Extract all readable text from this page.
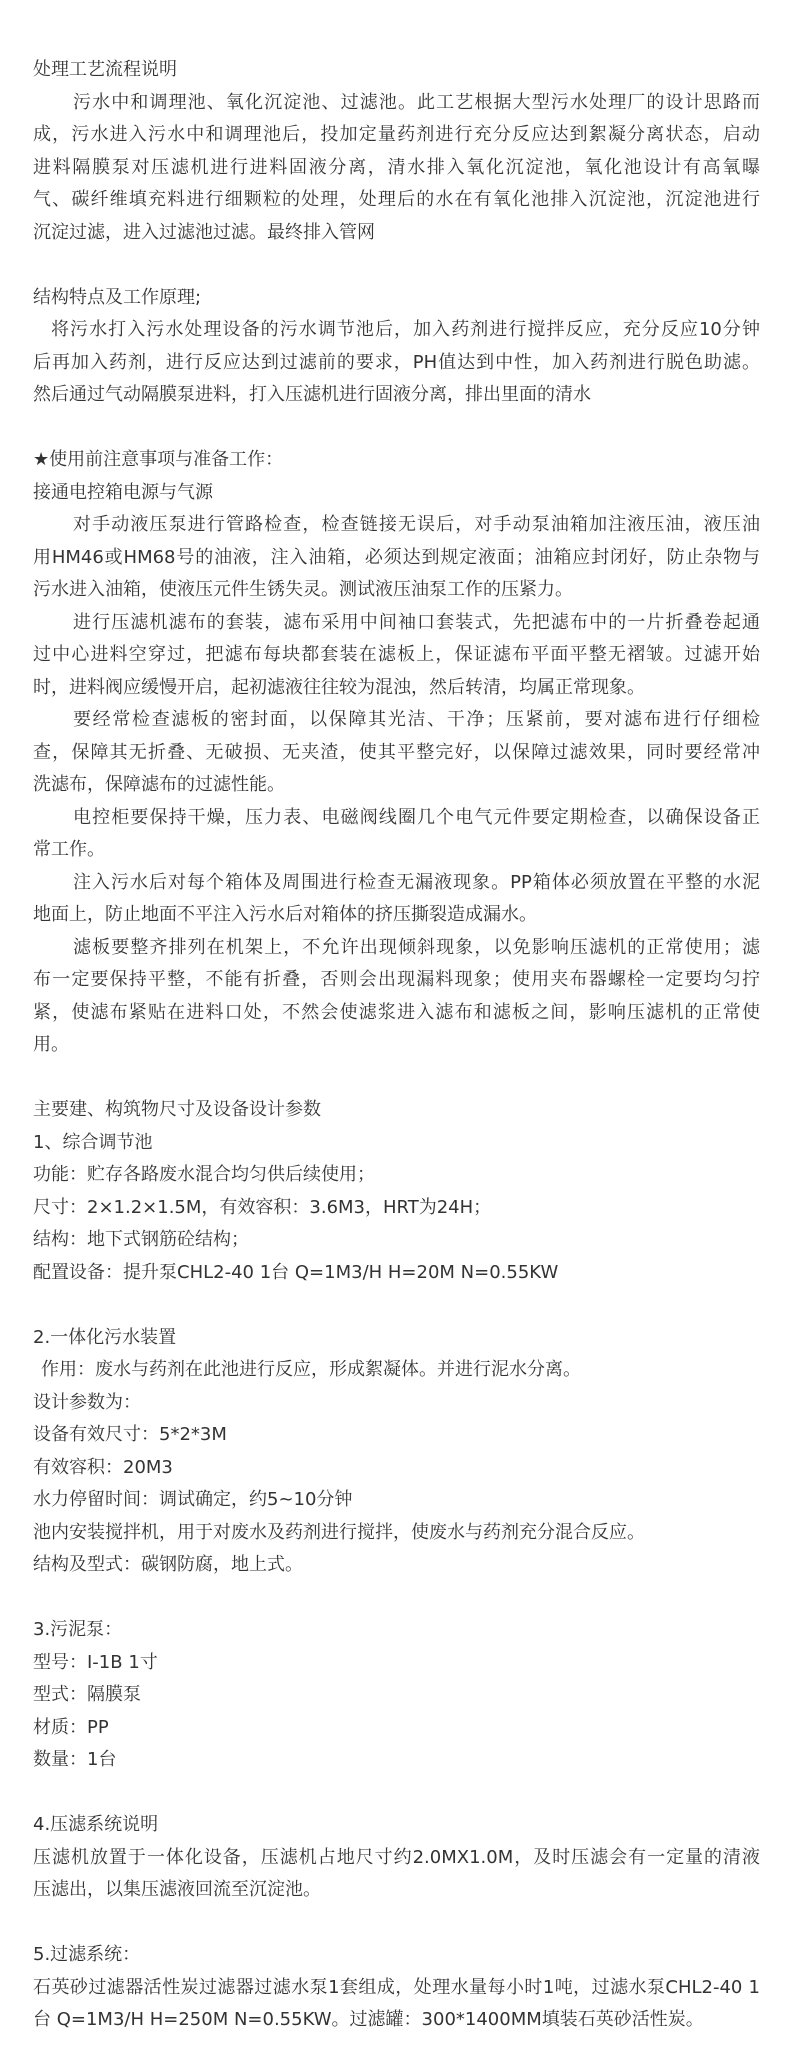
处理工艺流程说明
污水中和调理池、氧化沉淀池、过滤池。此工艺根据大型污水处理厂的设计思路而
成，污水进入污水中和调理池后，投加定量药剂进行充分反应达到絮凝分离状态，启动
进料隔膜泵对压滤机进行进料固液分离，清水排入氧化沉淀池，氧化池设计有高氧曝
气、碳纤维填充料进行细颗粒的处理，处理后的水在有氧化池排入沉淀池，沉淀池进行
沉淀过滤，进入过滤池过滤。最终排入管网
结构特点及工作原理;
将污水打入污水处理设备的污水调节池后，加入药剂进行搅拌反应，充分反应10分钟
后再加入药剂，进行反应达到过滤前的要求，PH值达到中性，加入药剂进行脱色助滤。
然后通过气动隔膜泵进料，打入压滤机进行固液分离，排出里面的清水
★使用前注意事项与准备工作：
接通电控箱电源与气源
对手动液压泵进行管路检查，检查链接无误后，对手动泵油箱加注液压油，液压油
用HM46或HM68号的油液，注入油箱，必须达到规定液面；油箱应封闭好，防止杂物与
污水进入油箱，使液压元件生锈失灵。测试液压油泵工作的压紧力。
进行压滤机滤布的套装，滤布采用中间袖口套装式，先把滤布中的一片折叠卷起通
过中心进料空穿过，把滤布每块都套装在滤板上，保证滤布平面平整无褶皱。过滤开始
时，进料阀应缓慢开启，起初滤液往往较为混浊，然后转清，均属正常现象。
要经常检查滤板的密封面，以保障其光洁、干净；压紧前，要对滤布进行仔细检
查，保障其无折叠、无破损、无夹渣，使其平整完好，以保障过滤效果，同时要经常冲
洗滤布，保障滤布的过滤性能。
电控柜要保持干燥，压力表、电磁阀线圈几个电气元件要定期检查，以确保设备正
常工作。
注入污水后对每个箱体及周围进行检查无漏液现象。PP箱体必须放置在平整的水泥
地面上，防止地面不平注入污水后对箱体的挤压撕裂造成漏水。
滤板要整齐排列在机架上，不允许出现倾斜现象，以免影响压滤机的正常使用；滤
布一定要保持平整，不能有折叠，否则会出现漏料现象；使用夹布器螺栓一定要均匀拧
紧，使滤布紧贴在进料口处，不然会使滤浆进入滤布和滤板之间，影响压滤机的正常使
用。
主要建、构筑物尺寸及设备设计参数
1、综合调节池
功能：贮存各路废水混合均匀供后续使用；
尺寸：2×1.2×1.5M，有效容积：3.6M3，HRT为24H；
结构：地下式钢筋砼结构；
配置设备：提升泵CHL2-40 1台 Q=1M3/H H=20M N=0.55KW
2.一体化污水装置
作用：废水与药剂在此池进行反应，形成絮凝体。并进行泥水分离。
设计参数为：
设备有效尺寸：5*2*3M
有效容积：20M3
水力停留时间：调试确定，约5~10分钟
池内安装搅拌机，用于对废水及药剂进行搅拌，使废水与药剂充分混合反应。
结构及型式：碳钢防腐，地上式。
3.污泥泵：
型号：I-1B 1寸
型式：隔膜泵
材质：PP
数量：1台
4.压滤系统说明
压滤机放置于一体化设备，压滤机占地尺寸约2.0MX1.0M，及时压滤会有一定量的清液
压滤出，以集压滤液回流至沉淀池。
5.过滤系统：
石英砂过滤器活性炭过滤器过滤水泵1套组成，处理水量每小时1吨，过滤水泵CHL2-40 1
台 Q=1M3/H H=250M N=0.55KW。过滤罐：300*1400MM填装石英砂活性炭。
